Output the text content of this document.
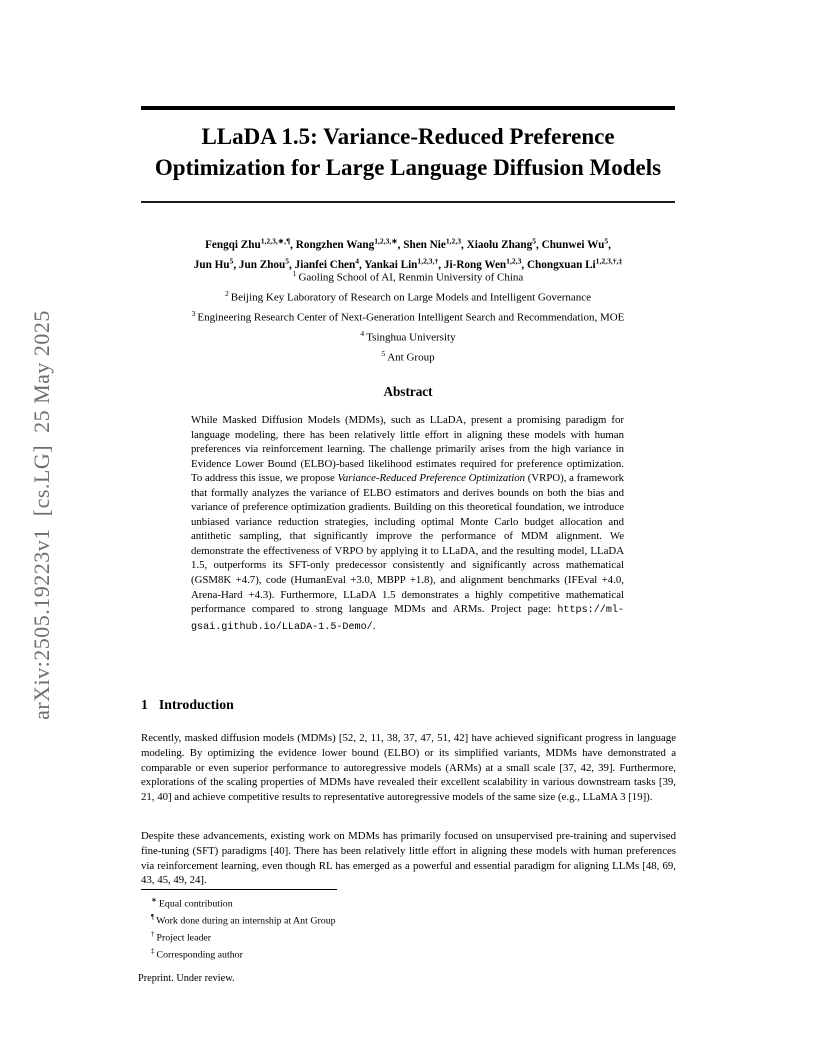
arXiv:2505.19223v1  [cs.LG]  25 May 2025
LLaDA 1.5: Variance-Reduced Preference
Optimization for Large Language Diffusion Models
Fengqi Zhu$^{1,2,3,∗,\P}$, Rongzhen Wang$^{1,2,3,∗}$, Shen Nie$^{1,2,3}$, Xiaolu Zhang$^5$, Chunwei Wu$^5$,
Jun Hu$^5$, Jun Zhou$^5$, Jianfei Chen$^4$, Yankai Lin$^{1,2,3,\dagger}$, Ji-Rong Wen$^{1,2,3}$, Chongxuan $Li^{1,2,3,\dagger,\ddagger}$
$^1$ Gaoling School of AI, Renmin University of China
$^2$ Beijing Key Laboratory of Research on Large Models and Intelligent Governance
$^3$ Engineering Research Center of Next-Generation Intelligent Search and Recommendation, MOE
$^4$ Tsinghua University
$^5$ Ant Group
Abstract
While Masked Diffusion Models (MDMs), such as LLaDA, present a promising paradigm for language modeling, there has been relatively little effort in aligning these models with human preferences via reinforcement learning. The challenge primarily arises from the high variance in Evidence Lower Bound (ELBO)-based likelihood estimates required for preference optimization. To address this issue, we propose Variance-Reduced Preference Optimization (VRPO), a framework that formally analyzes the variance of ELBO estimators and derives bounds on both the bias and variance of preference optimization gradients. Building on this theoretical foundation, we introduce unbiased variance reduction strategies, including optimal Monte Carlo budget allocation and antithetic sampling, that significantly improve the performance of MDM alignment. We demonstrate the effectiveness of VRPO by applying it to LLaDA, and the resulting model, LLaDA 1.5, outperforms its SFT-only predecessor consistently and significantly across mathematical (GSM8K +4.7), code (HumanEval +3.0, MBPP +1.8), and alignment benchmarks (IFEval +4.0, Arena-Hard +4.3). Furthermore, LLaDA 1.5 demonstrates a highly competitive mathematical performance compared to strong language MDMs and ARMs. Project page: https://ml-gsai.github.io/LLaDA-1.5-Demo/.
1 Introduction
Recently, masked diffusion models (MDMs) [52, 2, 11, 38, 37, 47, 51, 42] have achieved significant progress in language modeling. By optimizing the evidence lower bound (ELBO) or its simplified variants, MDMs have demonstrated a comparable or even superior performance to autoregressive models (ARMs) at a small scale [37, 42, 39]. Furthermore, explorations of the scaling properties of MDMs have revealed their excellent scalability in various downstream tasks [39, 21, 40] and achieve competitive results to representative autoregressive models of the same size (e.g., LLaMA 3 [19]).
Despite these advancements, existing work on MDMs has primarily focused on unsupervised pre-training and supervised fine-tuning (SFT) paradigms [40]. There has been relatively little effort in aligning these models with human preferences via reinforcement learning, even though RL has emerged as a powerful and essential paradigm for aligning LLMs [48, 69, 43, 45, 49, 24].
∗ Equal contribution
¶ Work done during an internship at Ant Group
† Project leader
‡ Corresponding author
Preprint. Under review.
